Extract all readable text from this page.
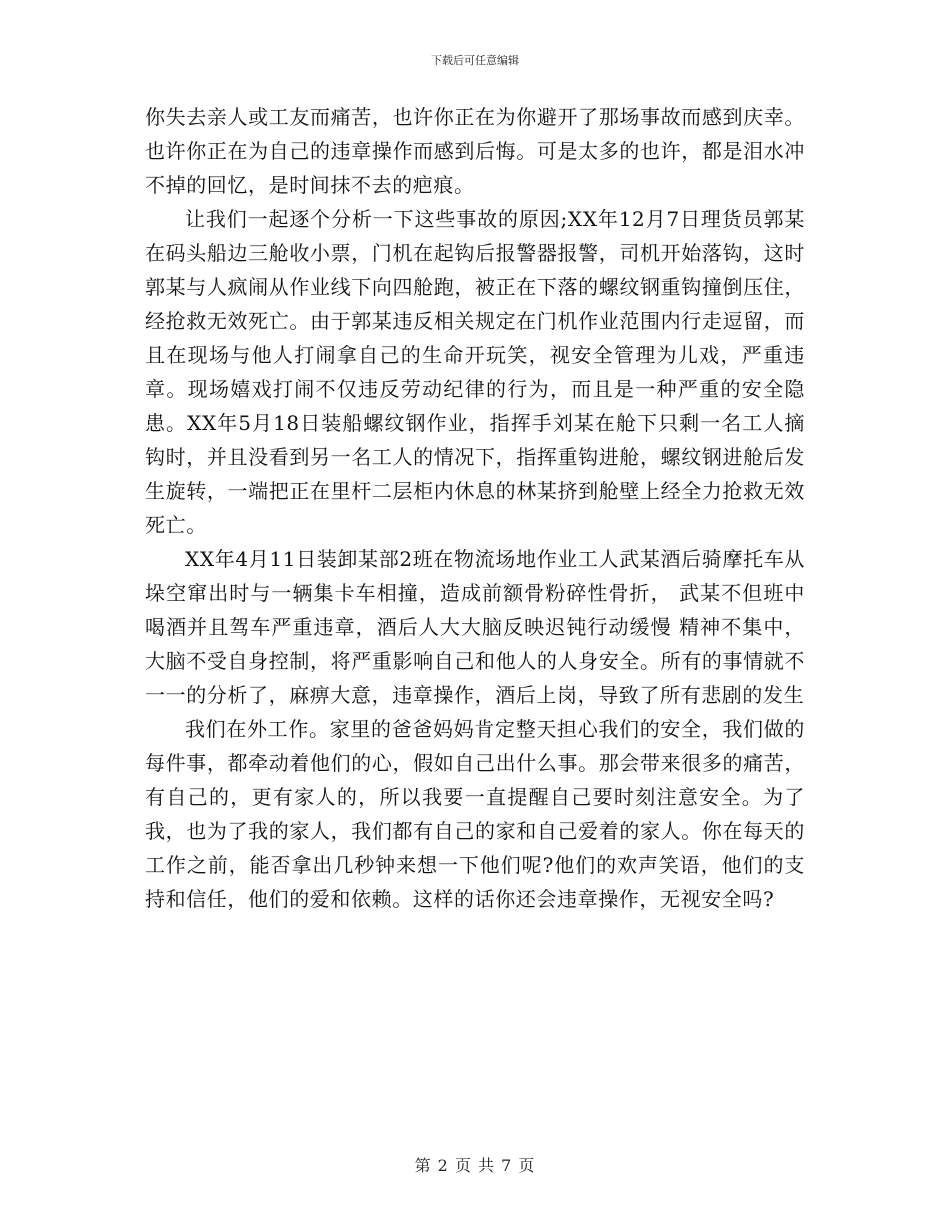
下载后可任意编辑

你失去亲人或工友而痛苦，也许你正在为你避开了那场事故而感到庆幸。也许你正在为自己的违章操作而感到后悔。可是太多的也许，都是泪水冲不掉的回忆，是时间抹不去的疤痕。

让我们一起逐个分析一下这些事故的原因;XX年12月7日理货员郭某在码头船边三舱收小票，门机在起钩后报警器报警，司机开始落钩，这时郭某与人疯闹从作业线下向四舱跑，被正在下落的螺纹钢重钩撞倒压住，经抢救无效死亡。由于郭某违反相关规定在门机作业范围内行走逗留，而且在现场与他人打闹拿自己的生命开玩笑，视安全管理为儿戏，严重违章。现场嬉戏打闹不仅违反劳动纪律的行为，而且是一种严重的安全隐患。XX年5月18日装船螺纹钢作业，指挥手刘某在舱下只剩一名工人摘钩时，并且没看到另一名工人的情况下，指挥重钩进舱，螺纹钢进舱后发生旋转，一端把正在里杆二层柜内休息的林某挤到舱壁上经全力抢救无效死亡。

XX年4月11日装卸某部2班在物流场地作业工人武某酒后骑摩托车从垛空窜出时与一辆集卡车相撞，造成前额骨粉碎性骨折， 武某不但班中喝酒并且驾车严重违章，酒后人大大脑反映迟钝行动缓慢 精神不集中，大脑不受自身控制，将严重影响自己和他人的人身安全。所有的事情就不一一的分析了，麻痹大意，违章操作，酒后上岗，导致了所有悲剧的发生

我们在外工作。家里的爸爸妈妈肯定整天担心我们的安全，我们做的每件事，都牵动着他们的心，假如自己出什么事。那会带来很多的痛苦，有自己的，更有家人的，所以我要一直提醒自己要时刻注意安全。为了我，也为了我的家人，我们都有自己的家和自己爱着的家人。你在每天的工作之前，能否拿出几秒钟来想一下他们呢?他们的欢声笑语，他们的支持和信任，他们的爱和依赖。这样的话你还会违章操作，无视安全吗?

第 2 页 共 7 页
